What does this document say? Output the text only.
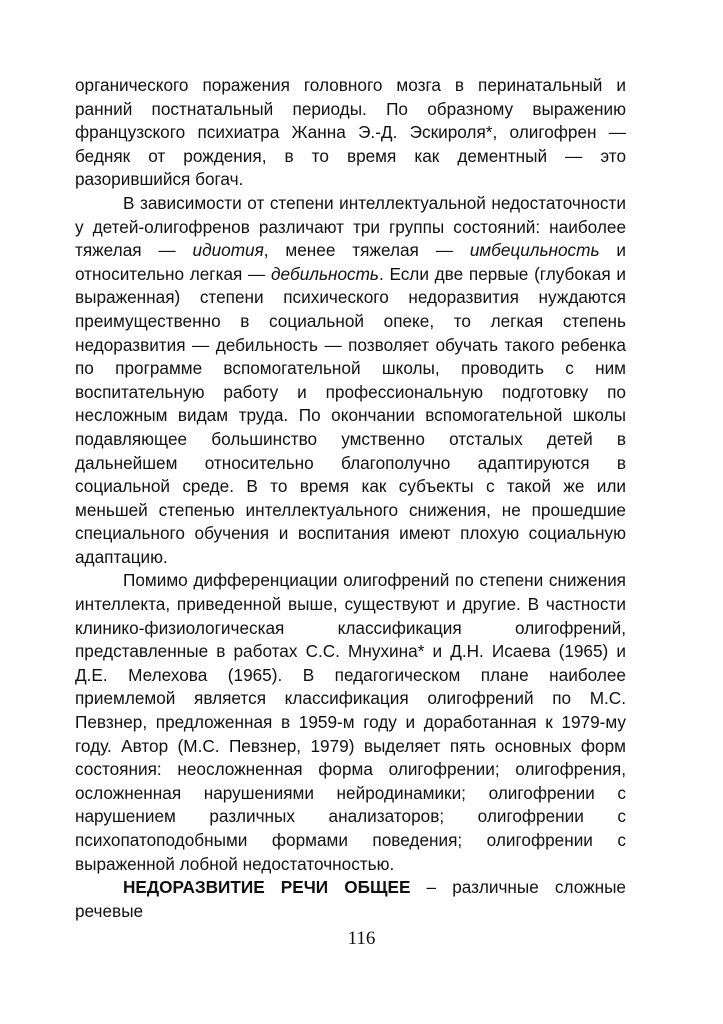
органического поражения головного мозга в перинатальный и ранний постнатальный периоды. По образному выражению французского психиатра Жанна Э.-Д. Эскироля*, олигофрен — бедняк от рождения, в то время как дементный — это разорившийся богач.

В зависимости от степени интеллектуальной недостаточности у детей-олигофренов различают три группы состояний: наиболее тяжелая — идиотия, менее тяжелая — имбецильность и относительно легкая — дебильность. Если две первые (глубокая и выраженная) степени психического недоразвития нуждаются преимущественно в социальной опеке, то легкая степень недоразвития — дебильность — позволяет обучать такого ребенка по программе вспомогательной школы, проводить с ним воспитательную работу и профессиональную подготовку по несложным видам труда. По окончании вспомогательной школы подавляющее большинство умственно отсталых детей в дальнейшем относительно благополучно адаптируются в социальной среде. В то время как субъекты с такой же или меньшей степенью интеллектуального снижения, не прошедшие специального обучения и воспитания имеют плохую социальную адаптацию.

Помимо дифференциации олигофрений по степени снижения интеллекта, приведенной выше, существуют и другие. В частности клинико-физиологическая классификация олигофрений, представленные в работах С.С. Мнухина* и Д.Н. Исаева (1965) и Д.Е. Мелехова (1965). В педагогическом плане наиболее приемлемой является классификация олигофрений по М.С. Певзнер, предложенная в 1959-м году и доработанная к 1979-му году. Автор (М.С. Певзнер, 1979) выделяет пять основных форм состояния: неосложненная форма олигофрении; олигофрения, осложненная нарушениями нейродинамики; олигофрении с нарушением различных анализаторов; олигофрении с психопатоподобными формами поведения; олигофрении с выраженной лобной недостаточностью.

НЕДОРАЗВИТИЕ РЕЧИ ОБЩЕЕ – различные сложные речевые

116
